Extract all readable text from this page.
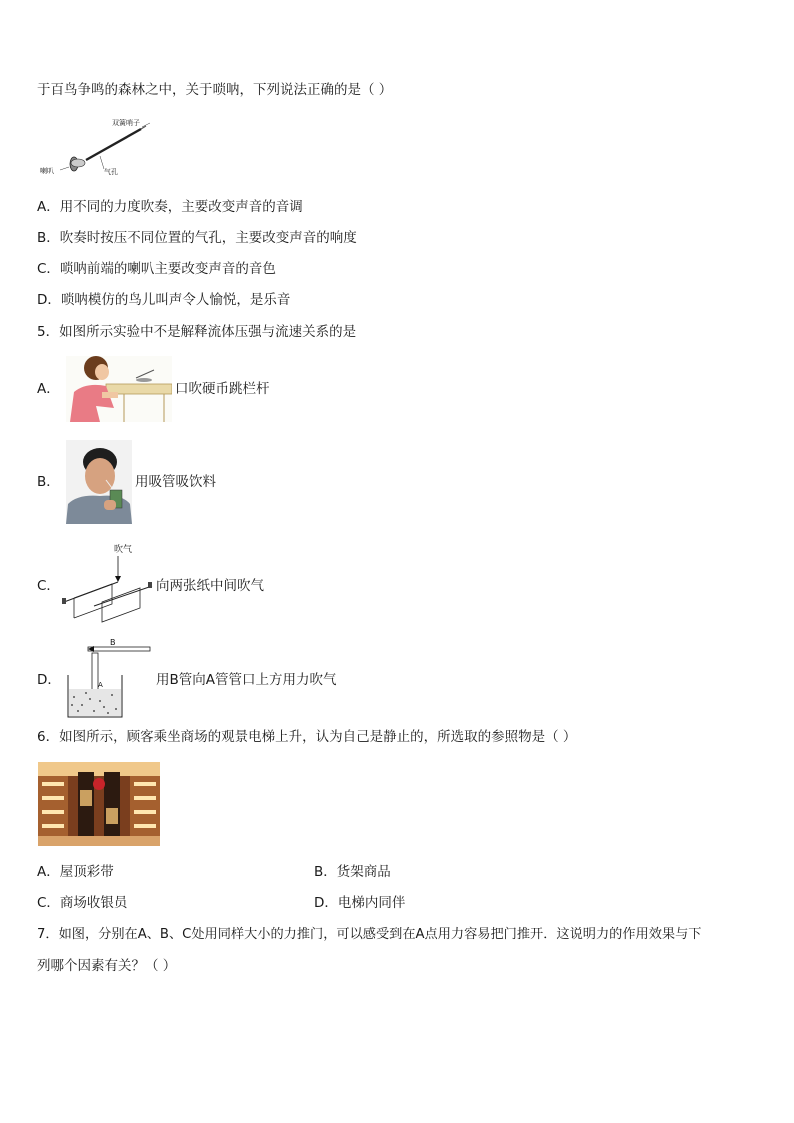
于百鸟争鸣的森林之中，关于唢呐，下列说法正确的是（ ）
双簧哨子
喇叭	气孔
A．用不同的力度吹奏，主要改变声音的音调
B．吹奏时按压不同位置的气孔，主要改变声音的响度
C．唢呐前端的喇叭主要改变声音的音色
D．唢呐模仿的鸟儿叫声令人愉悦，是乐音
5．如图所示实验中不是解释流体压强与流速关系的是
A．	口吹硬币跳栏杆
B．	用吸管吸饮料
C．
吹气
向两张纸中间吹气
D．
B
A	用B管向A管管口上方用力吹气
6．如图所示，顾客乘坐商场的观景电梯上升，认为自己是静止的，所选取的参照物是（ ）
A．屋顶彩带	B．货架商品
C．商场收银员	D．电梯内同伴
7．如图，分别在A、B、C处用同样大小的力推门，可以感受到在A点用力容易把门推开．这说明力的作用效果与下
列哪个因素有关？（ ）
